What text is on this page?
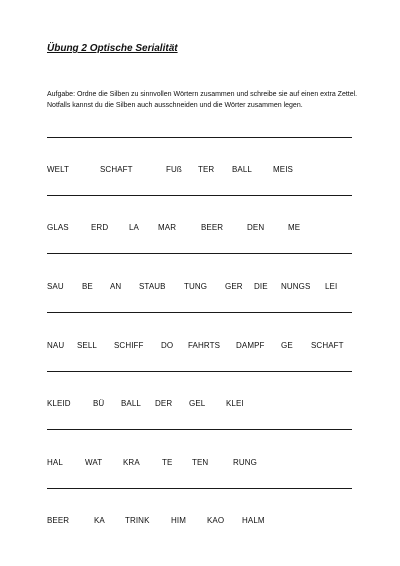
Übung 2 Optische Serialität
Aufgabe: Ordne die Silben zu sinnvollen Wörtern zusammen und schreibe sie auf einen extra Zettel. Notfalls kannst du die Silben auch ausschneiden und die Wörter zusammen legen.
WELT	SCHAFT	FUß TER BALL	MEIS
GLAS	ERD	LA MAR	BEER	DEN	ME
SAU BE AN STAUB TUNG GER DIE NUNGS LEI
NAU SELL SCHIFF DO FAHRTS DAMPF GE SCHAFT
KLEID	BÜ BALL DER GEL	KLEI
HAL	WAT	KRA	TE TEN	RUNG
BEER	KA	TRINK	HIM	KAO HALM
